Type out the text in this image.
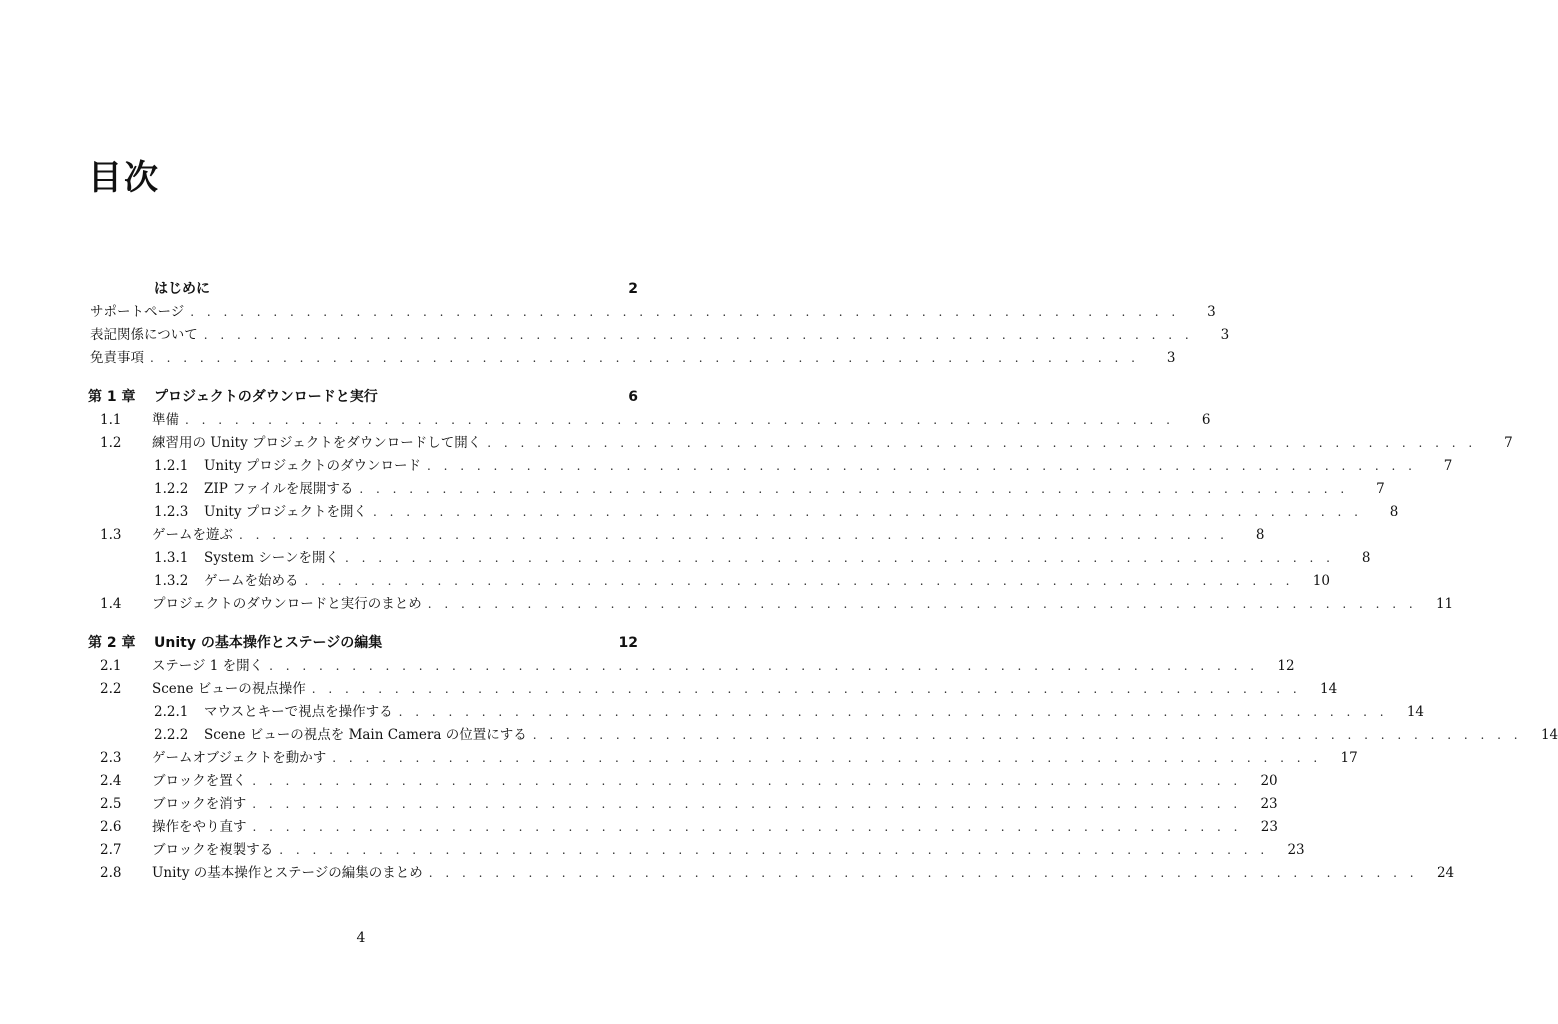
目次
はじめに	2
サポートページ . . . . . . . . . . . . . . . . . . . . . . . . . . . . . . . . . . . . . . . . . . . . . . . . . . . . . . . . . . . .	3
表記関係について . . . . . . . . . . . . . . . . . . . . . . . . . . . . . . . . . . . . . . . . . . . . . . . . . . . . . . . . . . . .	3
免責事項 . . . . . . . . . . . . . . . . . . . . . . . . . . . . . . . . . . . . . . . . . . . . . . . . . . . . . . . . . . . .	3
第 1 章	プロジェクトのダウンロードと実行	6
1.1	準備 . . . . . . . . . . . . . . . . . . . . . . . . . . . . . . . . . . . . . . . . . . . . . . . . . . . . . . . . . . . .	6
1.2	練習用の Unity プロジェクトをダウンロードして開く . . . . . . . . . . . . . . . . . . . . . . . . . . . . . . . . . . . . . . . . . . . . . . . . . . . . . . . . . . . .	7
1.2.1	Unity プロジェクトのダウンロード . . . . . . . . . . . . . . . . . . . . . . . . . . . . . . . . . . . . . . . . . . . . . . . . . . . . . . . . . . . .	7
1.2.2	ZIP ファイルを展開する . . . . . . . . . . . . . . . . . . . . . . . . . . . . . . . . . . . . . . . . . . . . . . . . . . . . . . . . . . . .	7
1.2.3	Unity プロジェクトを開く . . . . . . . . . . . . . . . . . . . . . . . . . . . . . . . . . . . . . . . . . . . . . . . . . . . . . . . . . . . .	8
1.3	ゲームを遊ぶ . . . . . . . . . . . . . . . . . . . . . . . . . . . . . . . . . . . . . . . . . . . . . . . . . . . . . . . . . . . .	8
1.3.1	System シーンを開く . . . . . . . . . . . . . . . . . . . . . . . . . . . . . . . . . . . . . . . . . . . . . . . . . . . . . . . . . . . .	8
1.3.2	ゲームを始める . . . . . . . . . . . . . . . . . . . . . . . . . . . . . . . . . . . . . . . . . . . . . . . . . . . . . . . . . . . .	10
1.4	プロジェクトのダウンロードと実行のまとめ . . . . . . . . . . . . . . . . . . . . . . . . . . . . . . . . . . . . . . . . . . . . . . . . . . . . . . . . . . . .	11
第 2 章	Unity の基本操作とステージの編集	12
2.1	ステージ 1 を開く . . . . . . . . . . . . . . . . . . . . . . . . . . . . . . . . . . . . . . . . . . . . . . . . . . . . . . . . . . . .	12
2.2	Scene ビューの視点操作 . . . . . . . . . . . . . . . . . . . . . . . . . . . . . . . . . . . . . . . . . . . . . . . . . . . . . . . . . . . .	14
2.2.1	マウスとキーで視点を操作する . . . . . . . . . . . . . . . . . . . . . . . . . . . . . . . . . . . . . . . . . . . . . . . . . . . . . . . . . . . .	14
2.2.2	Scene ビューの視点を Main Camera の位置にする . . . . . . . . . . . . . . . . . . . . . . . . . . . . . . . . . . . . . . . . . . . . . . . . . . . . . . . . . . . .	14
2.3	ゲームオブジェクトを動かす . . . . . . . . . . . . . . . . . . . . . . . . . . . . . . . . . . . . . . . . . . . . . . . . . . . . . . . . . . . .	17
2.4	ブロックを置く . . . . . . . . . . . . . . . . . . . . . . . . . . . . . . . . . . . . . . . . . . . . . . . . . . . . . . . . . . . .	20
2.5	ブロックを消す . . . . . . . . . . . . . . . . . . . . . . . . . . . . . . . . . . . . . . . . . . . . . . . . . . . . . . . . . . . .	23
2.6	操作をやり直す . . . . . . . . . . . . . . . . . . . . . . . . . . . . . . . . . . . . . . . . . . . . . . . . . . . . . . . . . . . .	23
2.7	ブロックを複製する . . . . . . . . . . . . . . . . . . . . . . . . . . . . . . . . . . . . . . . . . . . . . . . . . . . . . . . . . . . .	23
2.8	Unity の基本操作とステージの編集のまとめ . . . . . . . . . . . . . . . . . . . . . . . . . . . . . . . . . . . . . . . . . . . . . . . . . . . . . . . . . . . .	24
4
